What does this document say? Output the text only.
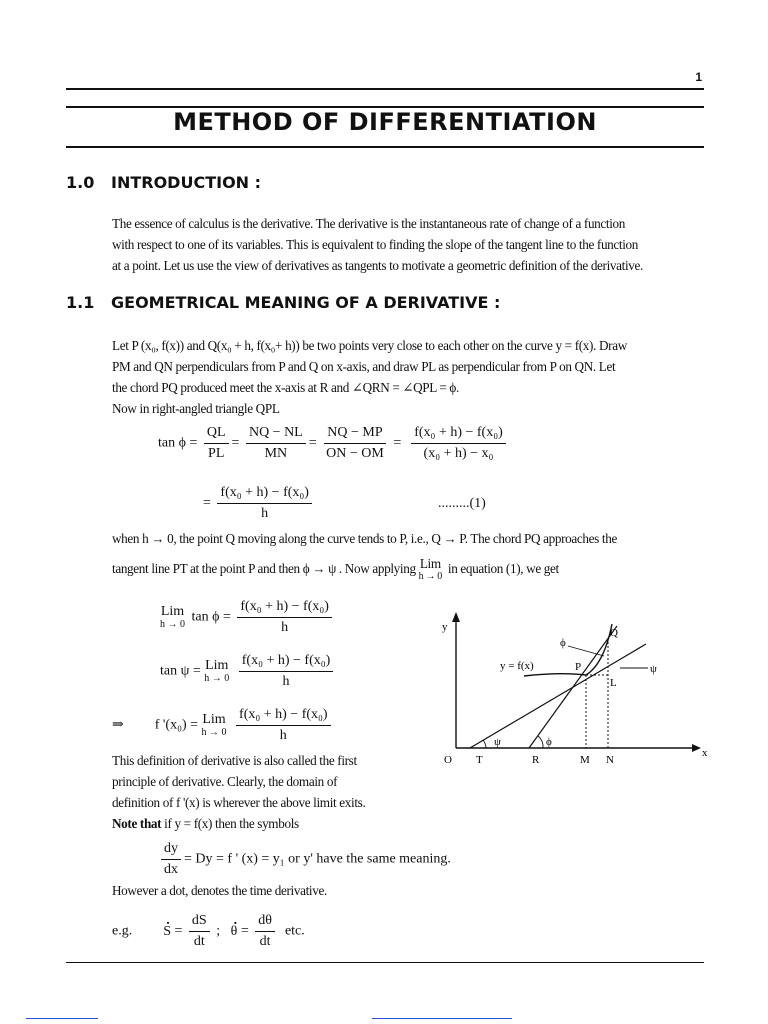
1
METHOD OF DIFFERENTIATION
1.0 INTRODUCTION :
The essence of calculus is the derivative. The derivative is the instantaneous rate of change of a function
with respect to one of its variables. This is equivalent to finding the slope of the tangent line to the function
at a point. Let us use the view of derivatives as tangents to motivate a geometric definition of the derivative.
1.1 GEOMETRICAL MEANING OF A DERIVATIVE :
Let P (x₀, f(x)) and Q(x₀ + h, f(x₀+ h)) be two points very close to each other on the curve y = f(x). Draw
PM and QN perpendiculars from P and Q on x-axis, and draw PL as perpendicular from P on QN. Let
the chord PQ produced meet the x-axis at R and ∠QRN = ∠QPL = ϕ.
Now in right-angled triangle QPL
$\tan \phi = \frac{QL}{PL} = \frac{NQ - NL}{MN} = \frac{NQ - MP}{ON - OM} = \frac{\text{f(x₀ + h) − f(x₀)}}{\text{(x₀ + h) − x₀}}$
= $\frac{\text{f(x₀ + h) − f(x₀)}}{h}$	.........(1)
when h → 0, the point Q moving along the curve tends to P, i.e., Q → P. The chord PQ approaches the
tangent line PT at the point P and then ϕ → ψ . Now applying Lim
h → 0
in equation (1), we get
Lim
h → 0 $\tan \phi = \frac{\text{f(x₀ + h) − f(x₀)}}{h}$
tan ψ = Lim
h → 0
$\frac{\text{f(x₀ + h) − f(x₀)}}{h}$
⇒ f '(x₀) = Lim
h → 0
$\frac{\text{f(x₀ + h) − f(x₀)}}{h}$
This definition of derivative is also called the first
principle of derivative. Clearly, the domain of
definition of f '(x) is wherever the above limit exits.
Note that if y = f(x) then the symbols
$\frac{dy}{dx} = Dy = f$ ' (x) = y₁ or y' have the same meaning.
However a dot, denotes the time derivative.
e.g. . $S = \frac{dS}{dt}$ ; . $\theta = \frac{d\theta}{dt}$ etc.
y
x
O T	R	M N
P
Q
L
y = f(x)
ϕ
ψ
ψ	ϕ
